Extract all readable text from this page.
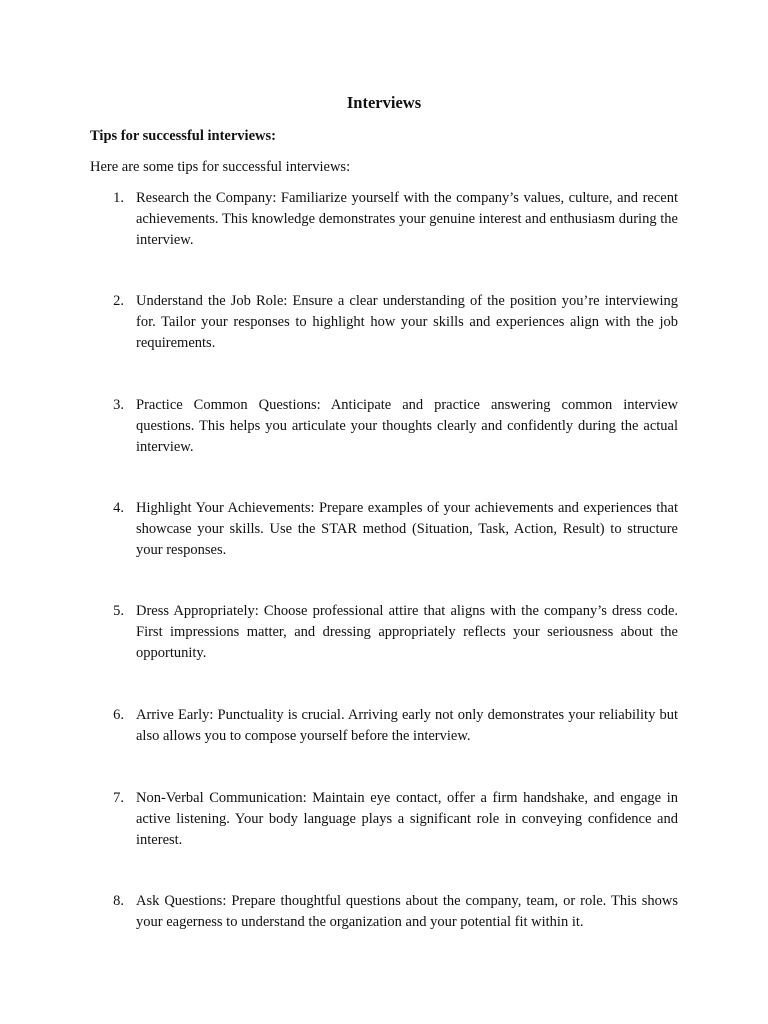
Interviews

Tips for successful interviews:

Here are some tips for successful interviews:

1. Research the Company: Familiarize yourself with the company’s values, culture, and recent achievements. This knowledge demonstrates your genuine interest and enthusiasm during the interview.
2. Understand the Job Role: Ensure a clear understanding of the position you’re interviewing for. Tailor your responses to highlight how your skills and experiences align with the job requirements.
3. Practice Common Questions: Anticipate and practice answering common interview questions. This helps you articulate your thoughts clearly and confidently during the actual interview.
4. Highlight Your Achievements: Prepare examples of your achievements and experiences that showcase your skills. Use the STAR method (Situation, Task, Action, Result) to structure your responses.
5. Dress Appropriately: Choose professional attire that aligns with the company’s dress code. First impressions matter, and dressing appropriately reflects your seriousness about the opportunity.
6. Arrive Early: Punctuality is crucial. Arriving early not only demonstrates your reliability but also allows you to compose yourself before the interview.
7. Non-Verbal Communication: Maintain eye contact, offer a firm handshake, and engage in active listening. Your body language plays a significant role in conveying confidence and interest.
8. Ask Questions: Prepare thoughtful questions about the company, team, or role. This shows your eagerness to understand the organization and your potential fit within it.
